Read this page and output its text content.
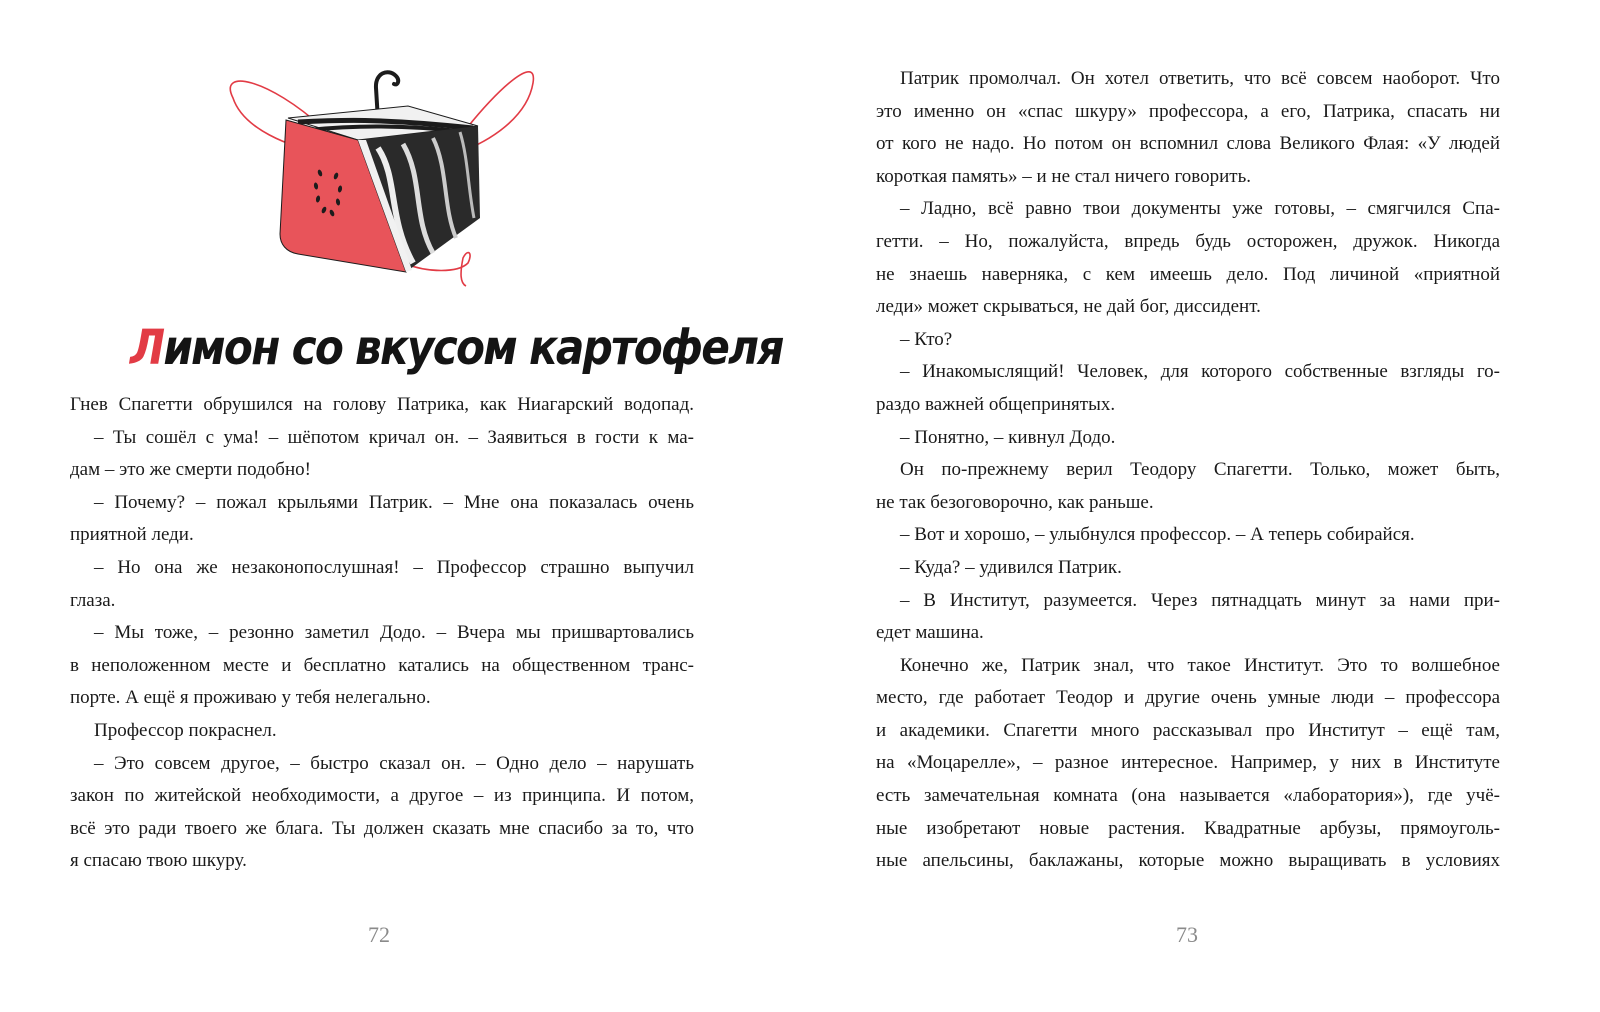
Лимон со вкусом картофеля
Гнев Спагетти обрушился на голову Патрика, как Ниагарский водопад.
– Ты сошёл с ума! – шёпотом кричал он. – Заявиться в гости к ма-
дам – это же смерти подобно!
– Почему? – пожал крыльями Патрик. – Мне она показалась очень
приятной леди.
– Но она же незаконопослушная! – Профессор страшно выпучил
глаза.
– Мы тоже, – резонно заметил Додо. – Вчера мы пришвартовались
в неположенном месте и бесплатно катались на общественном транс-
порте. А ещё я проживаю у тебя нелегально.
Профессор покраснел.
– Это совсем другое, – быстро сказал он. – Одно дело – нарушать
закон по житейской необходимости, а другое – из принципа. И потом,
всё это ради твоего же блага. Ты должен сказать мне спасибо за то, что
я спасаю твою шкуру.
72	73
Патрик промолчал. Он хотел ответить, что всё совсем наоборот. Что
это именно он «спас шкуру» профессора, а его, Патрика, спасать ни
от кого не надо. Но потом он вспомнил слова Великого Флая: «У людей
короткая память» – и не стал ничего говорить.
– Ладно, всё равно твои документы уже готовы, – смягчился Спа-
гетти. – Но, пожалуйста, впредь будь осторожен, дружок. Никогда
не знаешь наверняка, с кем имеешь дело. Под личиной «приятной
леди» может скрываться, не дай бог, диссидент.
– Кто?
– Инакомыслящий! Человек, для которого собственные взгляды го-
раздо важней общепринятых.
– Понятно, – кивнул Додо.
Он по-прежнему верил Теодору Спагетти. Только, может быть,
не так безоговорочно, как раньше.
– Вот и хорошо, – улыбнулся профессор. – А теперь собирайся.
– Куда? – удивился Патрик.
– В Институт, разумеется. Через пятнадцать минут за нами при-
едет машина.
Конечно же, Патрик знал, что такое Институт. Это то волшебное
место, где работает Теодор и другие очень умные люди – профессора
и академики. Спагетти много рассказывал про Институт – ещё там,
на «Моцарелле», – разное интересное. Например, у них в Институте
есть замечательная комната (она называется «лаборатория»), где учё-
ные изобретают новые растения. Квадратные арбузы, прямоуголь-
ные апельсины, баклажаны, которые можно выращивать в условиях
